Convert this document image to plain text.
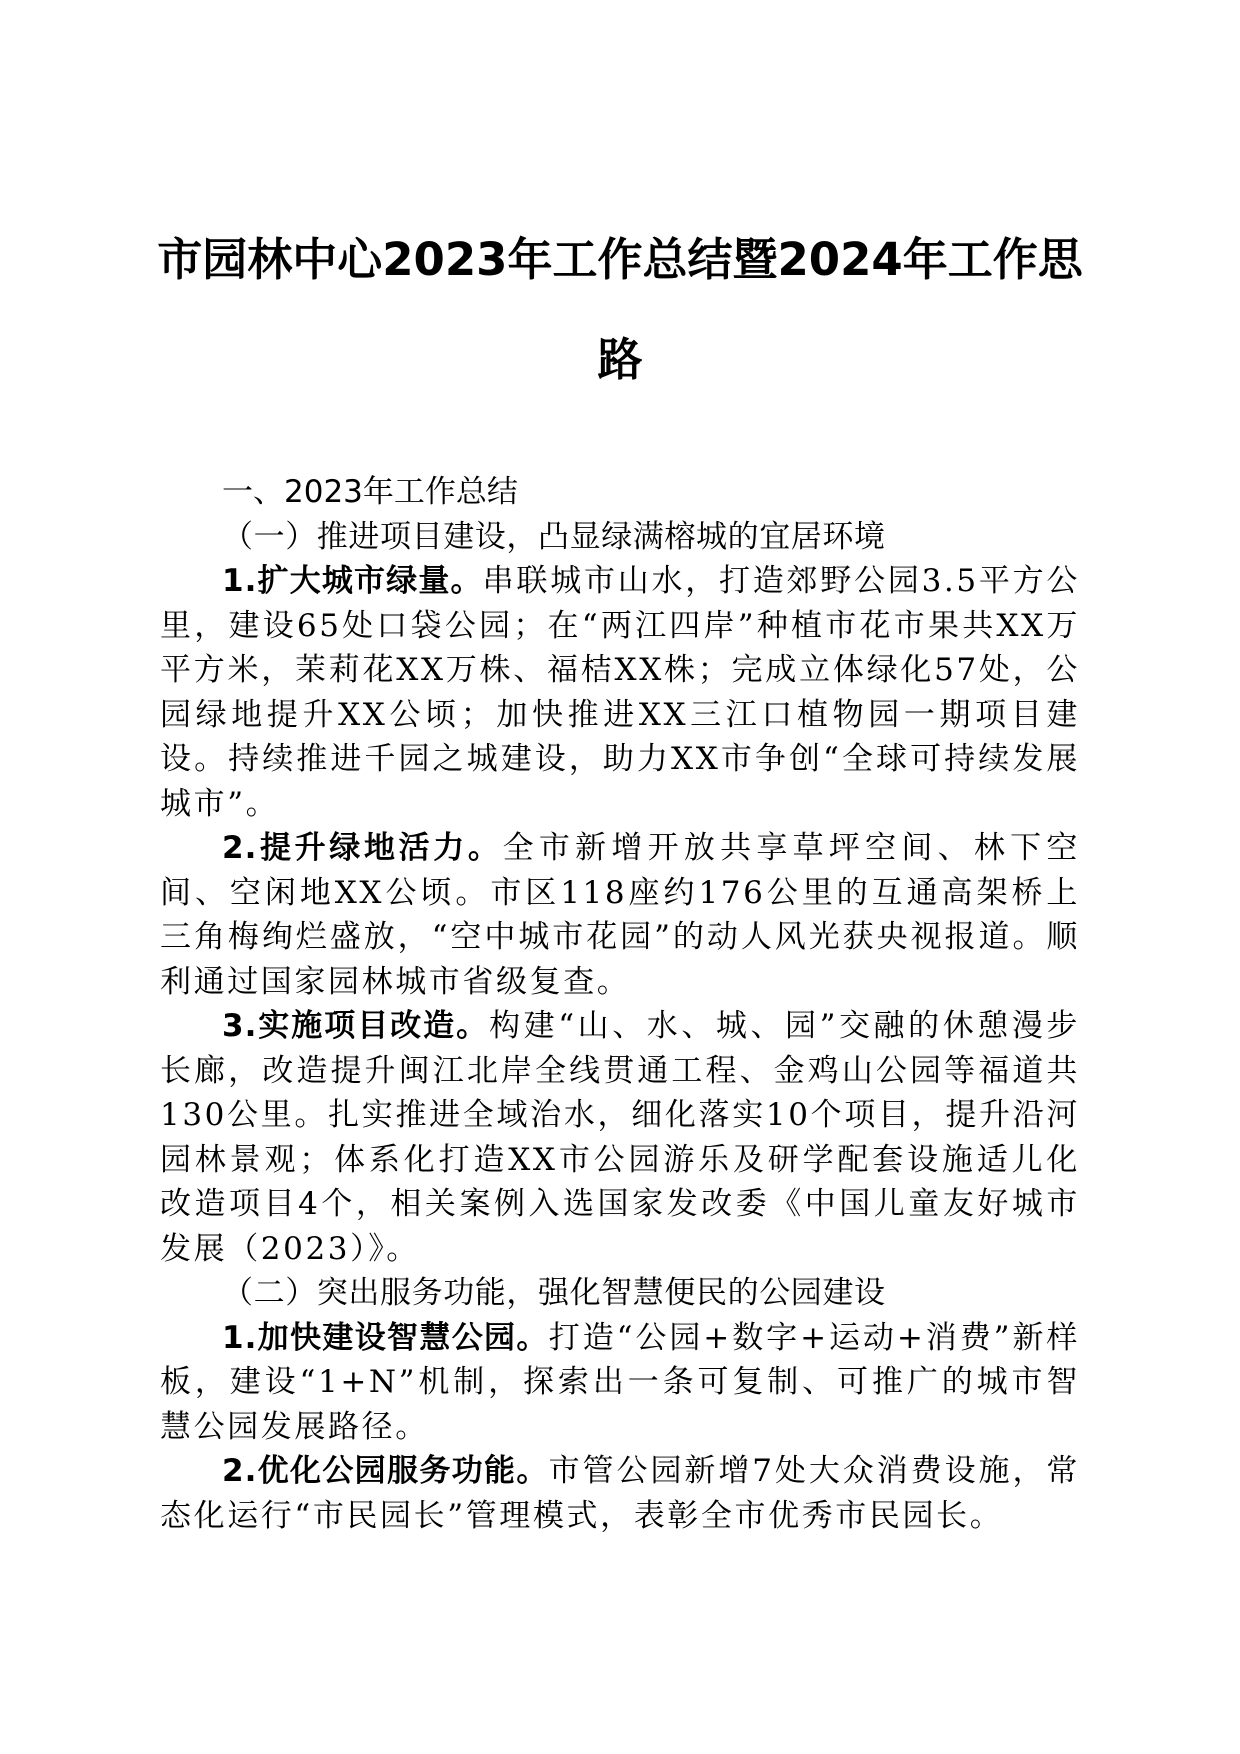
市园林中心2023年工作总结暨2024年工作思
路

一、2023年工作总结

（一）推进项目建设，凸显绿满榕城的宜居环境

1.扩大城市绿量。串联城市山水，打造郊野公园3.5平方公里，建设65处口袋公园；在“两江四岸”种植市花市果共XX万平方米，茉莉花XX万株、福桔XX株；完成立体绿化57处，公园绿地提升XX公顷；加快推进XX三江口植物园一期项目建设。持续推进千园之城建设，助力XX市争创“全球可持续发展城市”。

2.提升绿地活力。全市新增开放共享草坪空间、林下空间、空闲地XX公顷。市区118座约176公里的互通高架桥上三角梅绚烂盛放，“空中城市花园”的动人风光获央视报道。顺利通过国家园林城市省级复查。

3.实施项目改造。构建“山、水、城、园”交融的休憩漫步长廊，改造提升闽江北岸全线贯通工程、金鸡山公园等福道共130公里。扎实推进全域治水，细化落实10个项目，提升沿河园林景观；体系化打造XX市公园游乐及研学配套设施适儿化改造项目4个，相关案例入选国家发改委《中国儿童友好城市发展（2023）》。

（二）突出服务功能，强化智慧便民的公园建设

1.加快建设智慧公园。打造“公园+数字+运动+消费”新样板，建设“1+N”机制，探索出一条可复制、可推广的城市智慧公园发展路径。

2.优化公园服务功能。市管公园新增7处大众消费设施，常态化运行“市民园长”管理模式，表彰全市优秀市民园长。
